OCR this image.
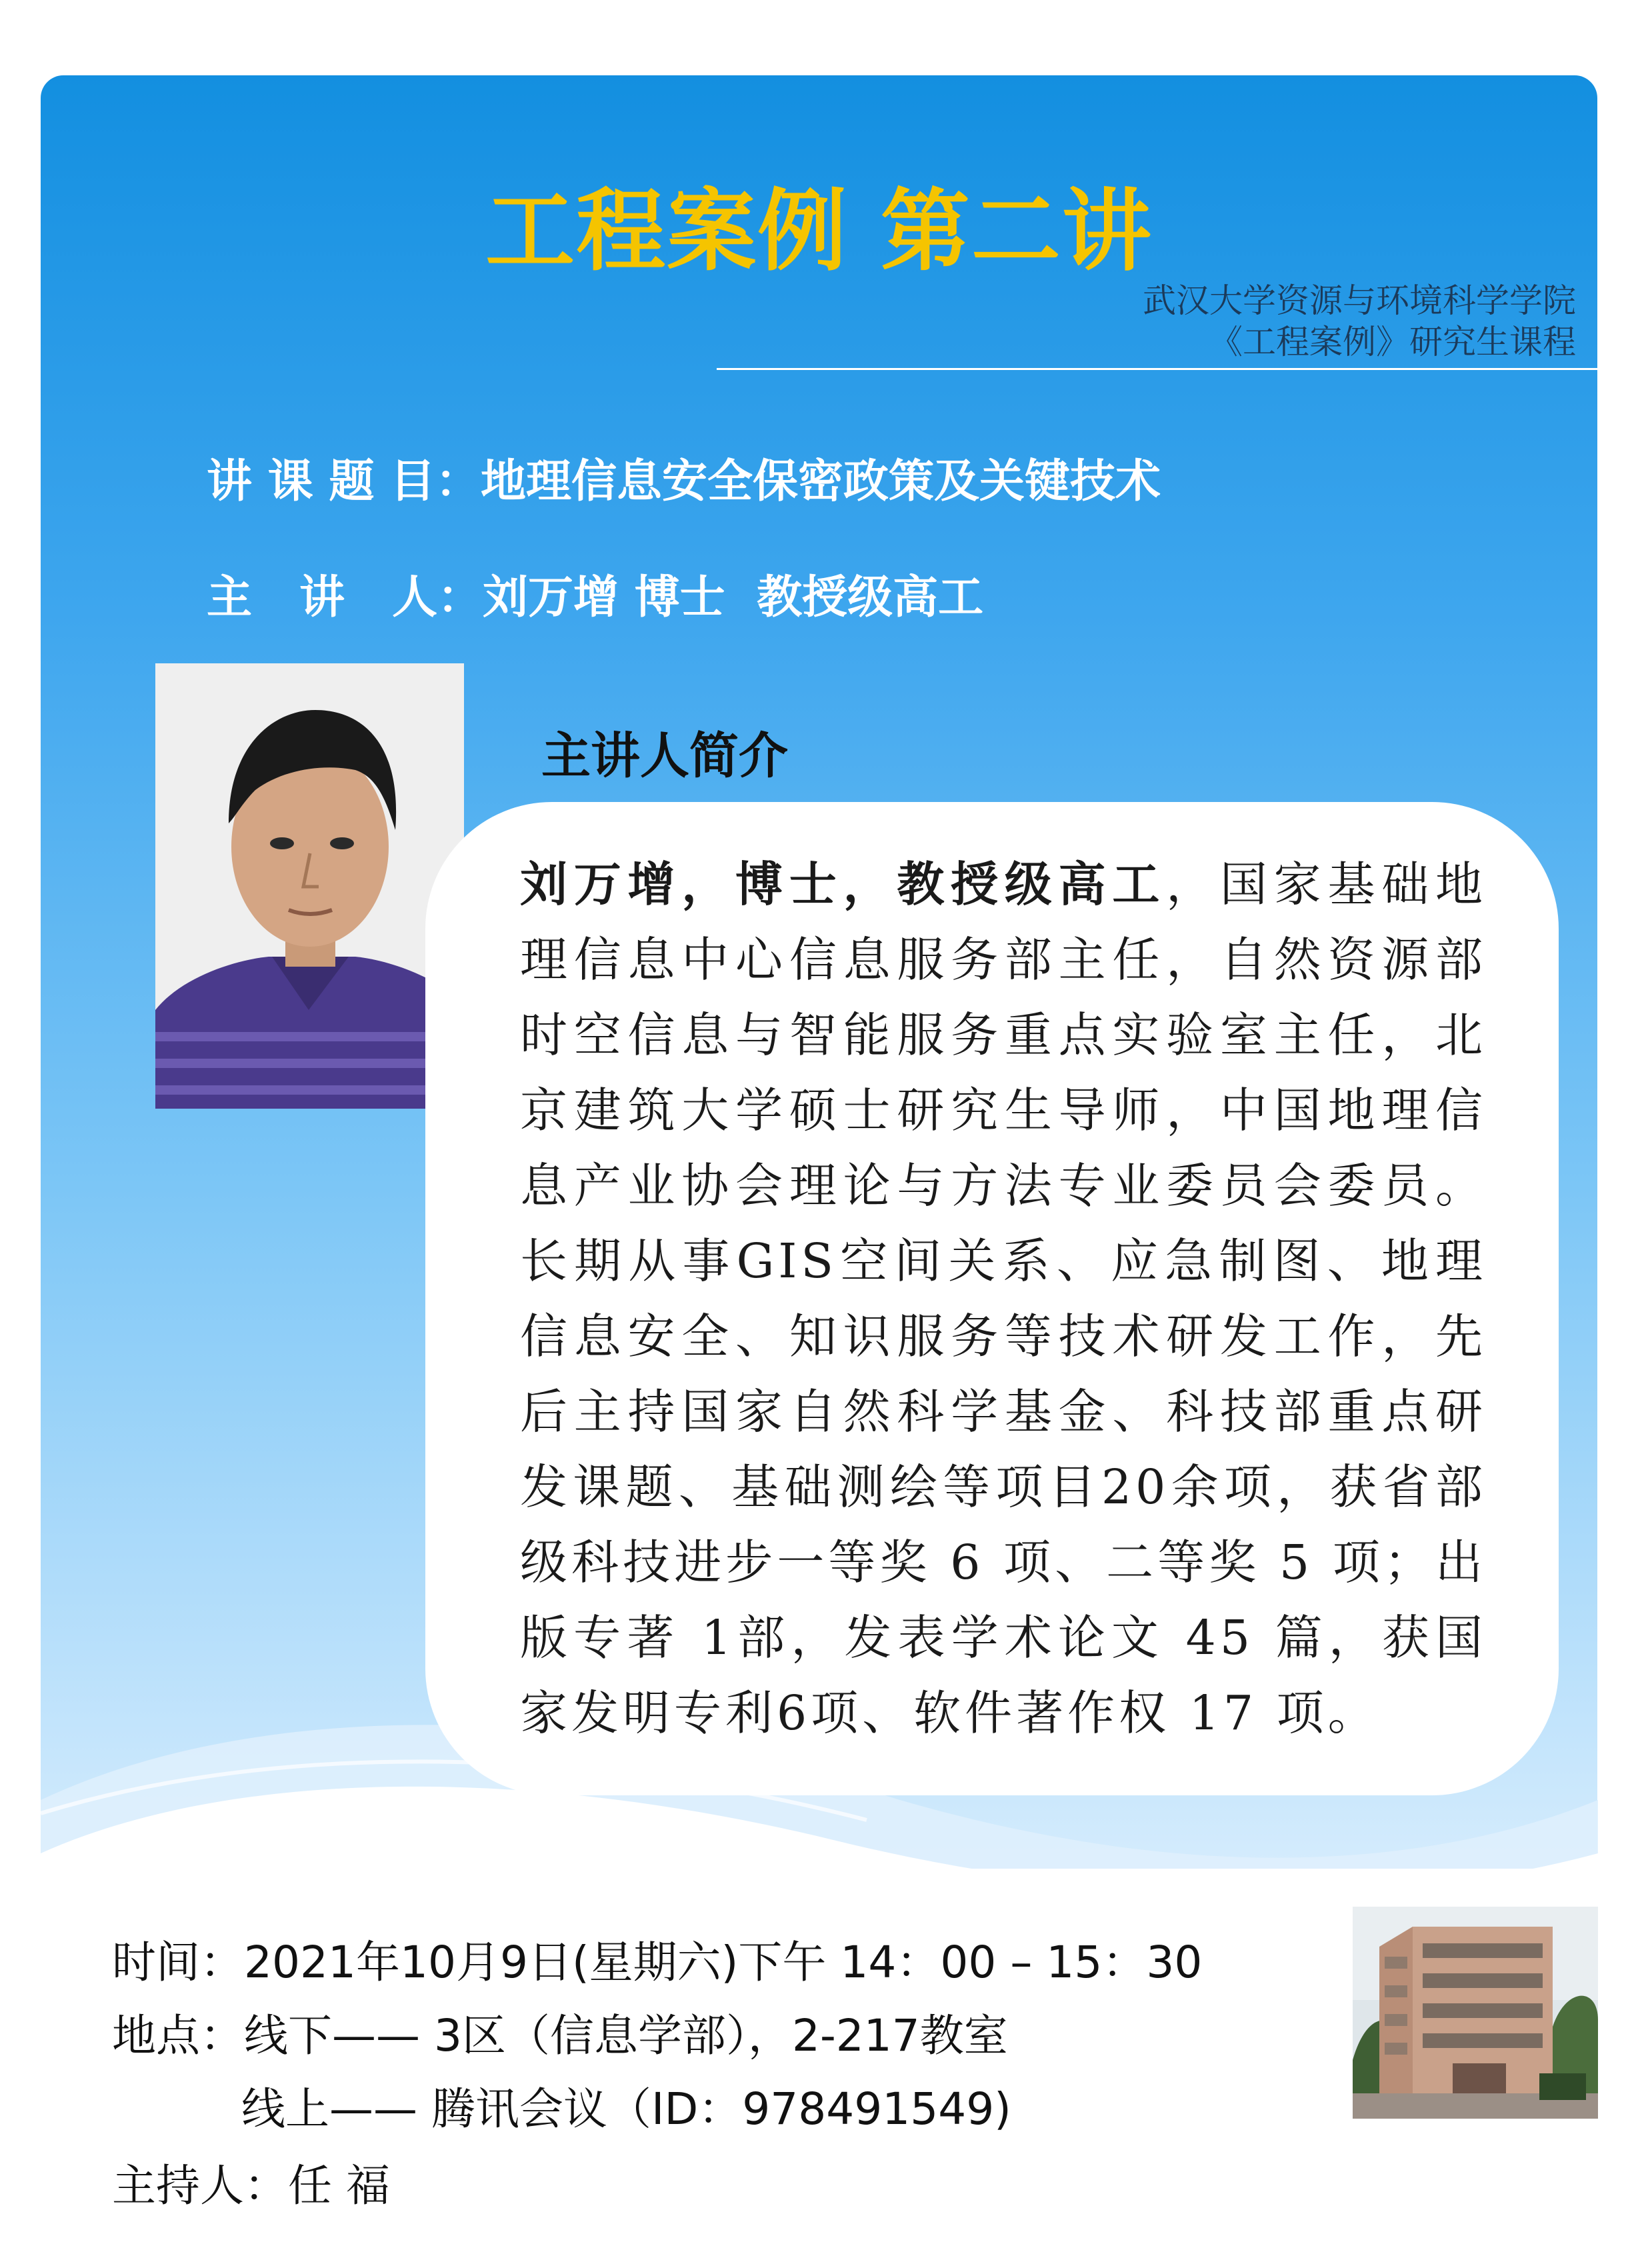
工程案例 第二讲
武汉大学资源与环境科学学院
《工程案例》研究生课程
讲 课 题 目：地理信息安全保密政策及关键技术
主   讲   人：刘万增 博士  教授级高工
主讲人简介
刘万增，博士，教授级高工，国家基础地理信息中心信息服务部主任，自然资源部时空信息与智能服务重点实验室主任，北京建筑大学硕士研究生导师，中国地理信息产业协会理论与方法专业委员会委员。长期从事GIS空间关系、应急制图、地理信息安全、知识服务等技术研发工作，先后主持国家自然科学基金、科技部重点研发课题、基础测绘等项目20余项，获省部级科技进步一等奖 6 项、二等奖 5 项；出版专著 1部，发表学术论文 45 篇，获国家发明专利6项、软件著作权 17 项。
时间：2021年10月9日(星期六)下午 14：00 – 15：30
地点：线下—— 3区（信息学部），2-217教室
线上—— 腾讯会议（ID：978491549)
主持人：任 福
